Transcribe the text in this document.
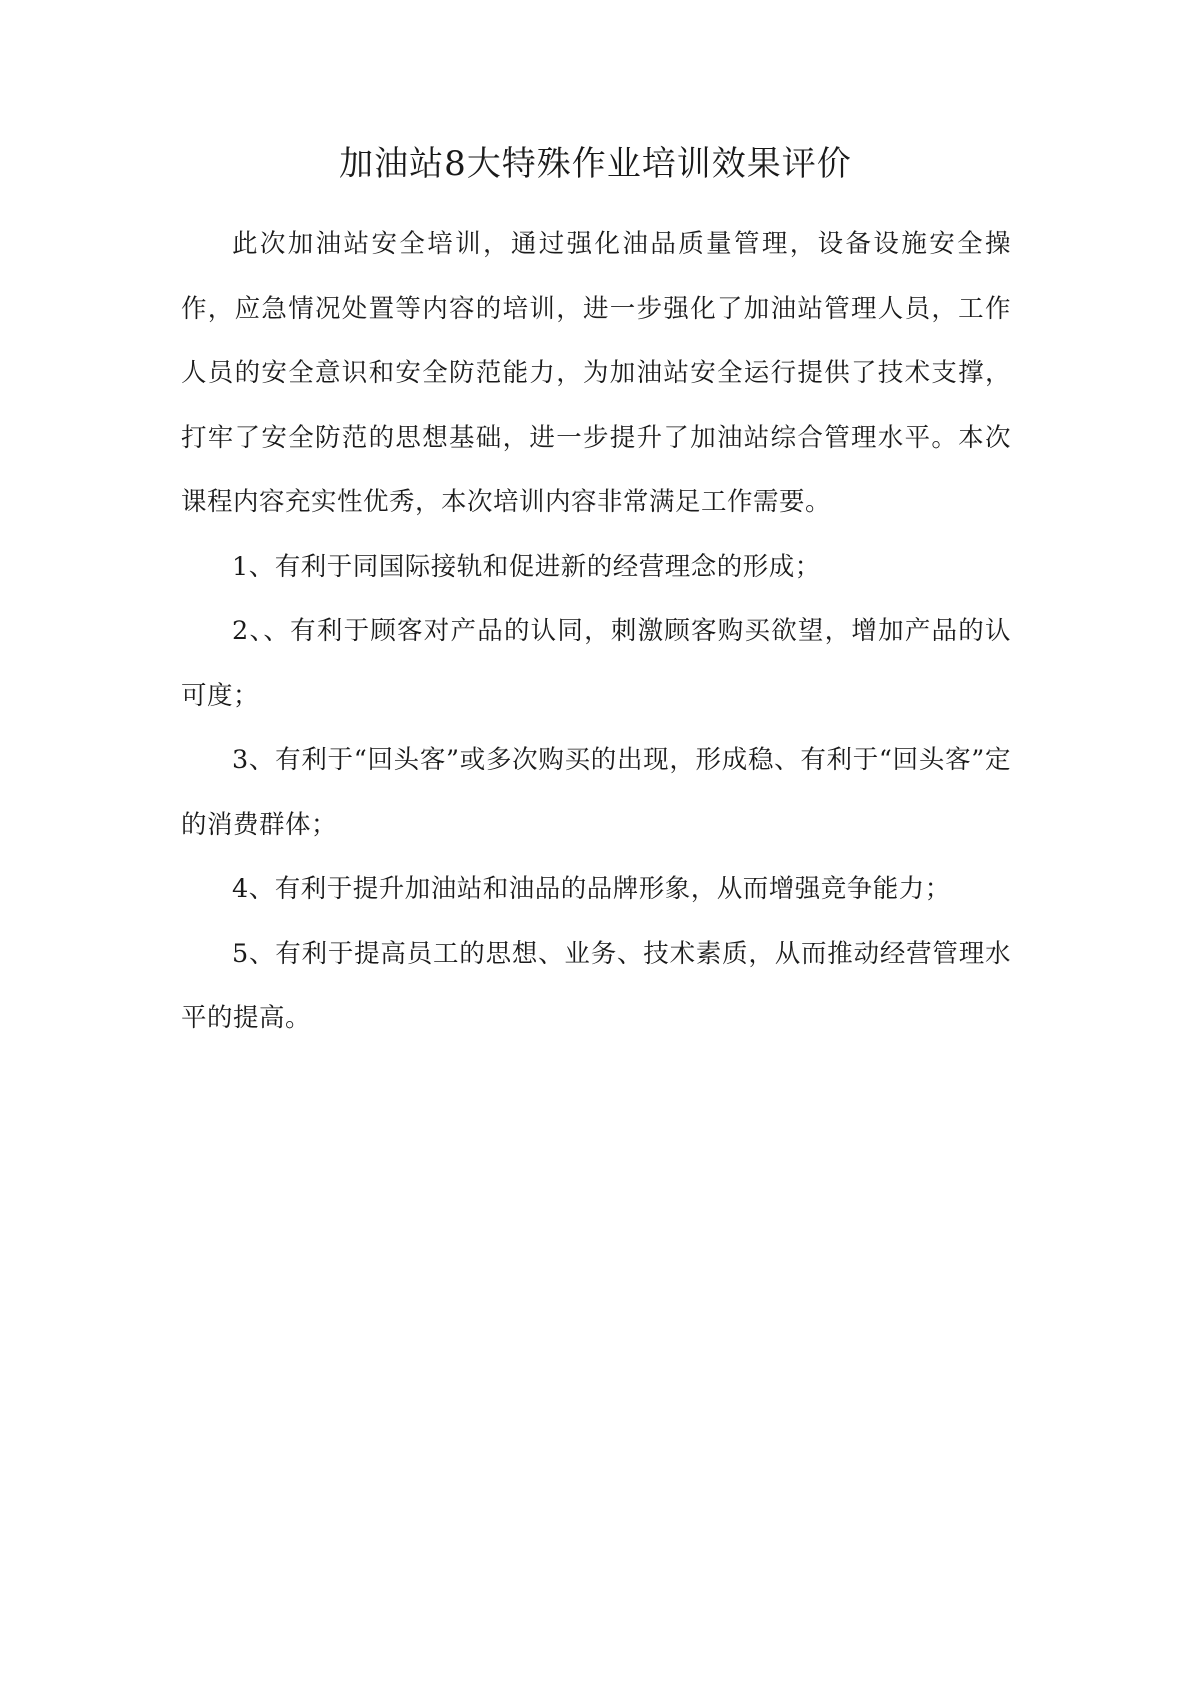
加油站8大特殊作业培训效果评价

此次加油站安全培训，通过强化油品质量管理，设备设施安全操作，应急情况处置等内容的培训，进一步强化了加油站管理人员，工作人员的安全意识和安全防范能力，为加油站安全运行提供了技术支撑，打牢了安全防范的思想基础，进一步提升了加油站综合管理水平。本次课程内容充实性优秀，本次培训内容非常满足工作需要。

1、有利于同国际接轨和促进新的经营理念的形成；

2、、有利于顾客对产品的认同，刺激顾客购买欲望，增加产品的认可度；

3、有利于“回头客”或多次购买的出现，形成稳、有利于“回头客”定的消费群体；

4、有利于提升加油站和油品的品牌形象，从而增强竞争能力；

5、有利于提高员工的思想、业务、技术素质，从而推动经营管理水平的提高。
